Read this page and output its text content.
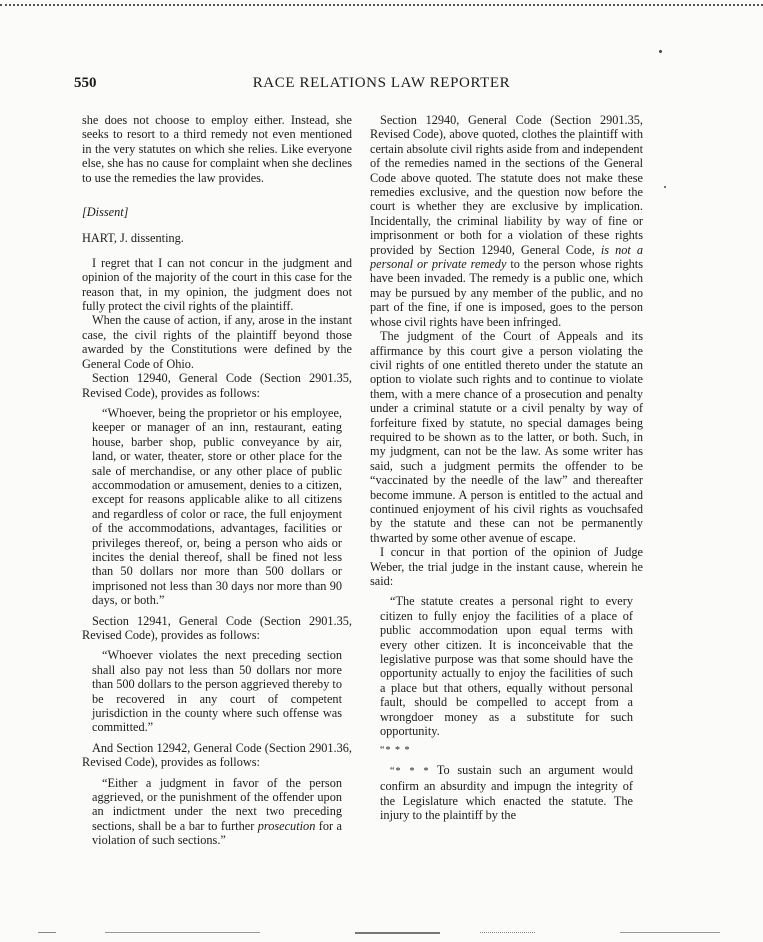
550	RACE RELATIONS LAW REPORTER

she does not choose to employ either. Instead, she seeks to resort to a third remedy not even mentioned in the very statutes on which she relies. Like everyone else, she has no cause for complaint when she declines to use the remedies the law provides.

[Dissent]

HART, J. dissenting.

I regret that I can not concur in the judgment and opinion of the majority of the court in this case for the reason that, in my opinion, the judgment does not fully protect the civil rights of the plaintiff.

When the cause of action, if any, arose in the instant case, the civil rights of the plaintiff beyond those awarded by the Constitutions were defined by the General Code of Ohio.

Section 12940, General Code (Section 2901.35, Revised Code), provides as follows:

“Whoever, being the proprietor or his employee, keeper or manager of an inn, restaurant, eating house, barber shop, public conveyance by air, land, or water, theater, store or other place for the sale of merchandise, or any other place of public accommodation or amusement, denies to a citizen, except for reasons applicable alike to all citizens and regardless of color or race, the full enjoyment of the accommodations, advantages, facilities or privileges thereof, or, being a person who aids or incites the denial thereof, shall be fined not less than 50 dollars nor more than 500 dollars or imprisoned not less than 30 days nor more than 90 days, or both.”

Section 12941, General Code (Section 2901.35, Revised Code), provides as follows:

“Whoever violates the next preceding section shall also pay not less than 50 dollars nor more than 500 dollars to the person aggrieved thereby to be recovered in any court of competent jurisdiction in the county where such offense was committed.”

And Section 12942, General Code (Section 2901.36, Revised Code), provides as follows:

“Either a judgment in favor of the person aggrieved, or the punishment of the offender upon an indictment under the next two preceding sections, shall be a bar to further prosecution for a violation of such sections.”

Section 12940, General Code (Section 2901.35, Revised Code), above quoted, clothes the plaintiff with certain absolute civil rights aside from and independent of the remedies named in the sections of the General Code above quoted. The statute does not make these remedies exclusive, and the question now before the court is whether they are exclusive by implication. Incidentally, the criminal liability by way of fine or imprisonment or both for a violation of these rights provided by Section 12940, General Code, is not a personal or private remedy to the person whose rights have been invaded. The remedy is a public one, which may be pursued by any member of the public, and no part of the fine, if one is imposed, goes to the person whose civil rights have been infringed.

The judgment of the Court of Appeals and its affirmance by this court give a person violating the civil rights of one entitled thereto under the statute an option to violate such rights and to continue to violate them, with a mere chance of a prosecution and penalty under a criminal statute or a civil penalty by way of forfeiture fixed by statute, no special damages being required to be shown as to the latter, or both. Such, in my judgment, can not be the law. As some writer has said, such a judgment permits the offender to be “vaccinated by the needle of the law” and thereafter become immune. A person is entitled to the actual and continued enjoyment of his civil rights as vouchsafed by the statute and these can not be permanently thwarted by some other avenue of escape.

I concur in that portion of the opinion of Judge Weber, the trial judge in the instant cause, wherein he said:

“The statute creates a personal right to every citizen to fully enjoy the facilities of a place of public accommodation upon equal terms with every other citizen. It is inconceivable that the legislative purpose was that some should have the opportunity actually to enjoy the facilities of such a place but that others, equally without personal fault, should be compelled to accept from a wrongdoer money as a substitute for such opportunity.

“* * *

“* * * To sustain such an argument would confirm an absurdity and impugn the integrity of the Legislature which enacted the statute. The injury to the plaintiff by the
